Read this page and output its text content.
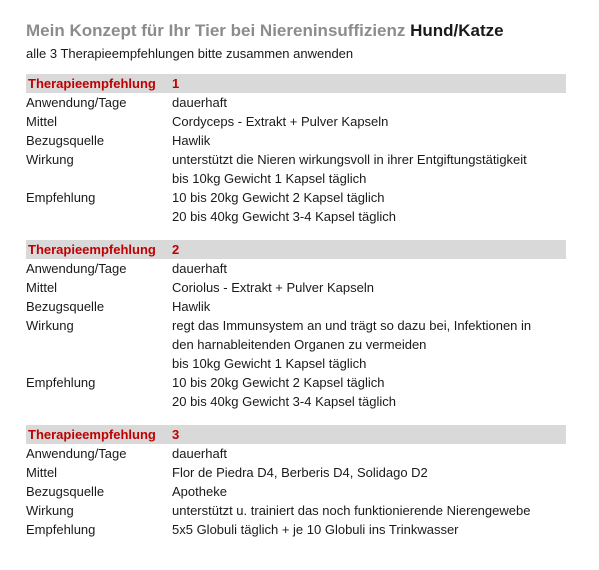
Mein Konzept für Ihr Tier bei Niereninsuffizienz Hund/Katze
alle 3 Therapieempfehlungen bitte zusammen anwenden
Therapieempfehlung	1
Anwendung/Tage	dauerhaft
Mittel	Cordyceps - Extrakt + Pulver Kapseln
Bezugsquelle	Hawlik
Wirkung	unterstützt die Nieren wirkungsvoll in ihrer Entgiftungstätigkeit
bis 10kg Gewicht 1 Kapsel täglich
Empfehlung	10 bis 20kg Gewicht 2 Kapsel täglich
20 bis 40kg Gewicht 3-4 Kapsel täglich
Therapieempfehlung	2
Anwendung/Tage	dauerhaft
Mittel	Coriolus - Extrakt + Pulver Kapseln
Bezugsquelle	Hawlik
Wirkung	regt das Immunsystem an und trägt so dazu bei, Infektionen in
den harnableitenden Organen zu vermeiden
bis 10kg Gewicht 1 Kapsel täglich
Empfehlung	10 bis 20kg Gewicht 2 Kapsel täglich
20 bis 40kg Gewicht 3-4 Kapsel täglich
Therapieempfehlung	3
Anwendung/Tage	dauerhaft
Mittel	Flor de Piedra D4, Berberis D4, Solidago D2
Bezugsquelle	Apotheke
Wirkung	unterstützt u. trainiert das noch funktionierende Nierengewebe
Empfehlung	5x5 Globuli täglich + je 10 Globuli ins Trinkwasser
